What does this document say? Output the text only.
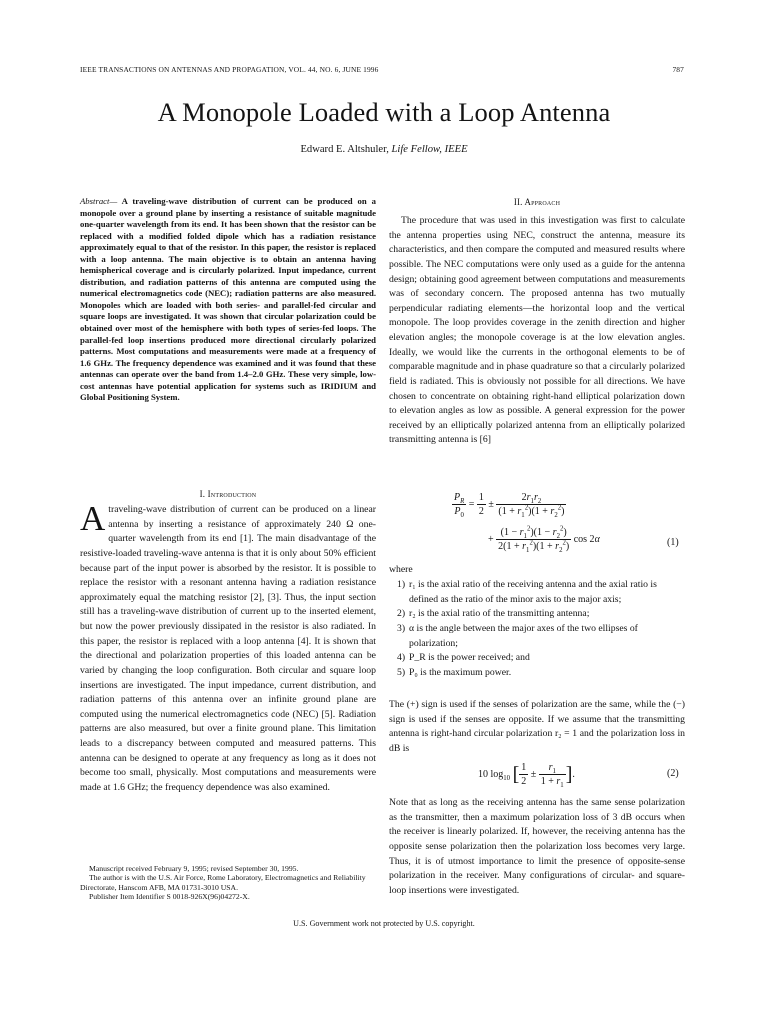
IEEE TRANSACTIONS ON ANTENNAS AND PROPAGATION, VOL. 44, NO. 6, JUNE 1996	787
A Monopole Loaded with a Loop Antenna
Edward E. Altshuler, Life Fellow, IEEE
Abstract— A traveling-wave distribution of current can be produced on a monopole over a ground plane by inserting a resistance of suitable magnitude one-quarter wavelength from its end. It has been shown that the resistor can be replaced with a modified folded dipole which has a radiation resistance approximately equal to that of the resistor. In this paper, the resistor is replaced with a loop antenna. The main objective is to obtain an antenna having hemispherical coverage and is circularly polarized. Input impedance, current distribution, and radiation patterns of this antenna are computed using the numerical electromagnetics code (NEC); radiation patterns are also measured. Monopoles which are loaded with both series- and parallel-fed circular and square loops are investigated. It was shown that circular polarization could be obtained over most of the hemisphere with both types of series-fed loops. The parallel-fed loop insertions produced more directional circularly polarized patterns. Most computations and measurements were made at a frequency of 1.6 GHz. The frequency dependence was examined and it was found that these antennas can operate over the band from 1.4–2.0 GHz. These very simple, low-cost antennas have potential application for systems such as IRIDIUM and Global Positioning System.
I. Introduction
Atraveling-wave distribution of current can be produced on a linear antenna by inserting a resistance of approximately 240 Ω one-quarter wavelength from its end [1]. The main disadvantage of the resistive-loaded traveling-wave antenna is that it is only about 50% efficient because part of the input power is absorbed by the resistor. It is possible to replace the resistor with a resonant antenna having a radiation resistance approximately equal the matching resistor [2], [3]. Thus, the input section still has a traveling-wave distribution of current up to the inserted element, but now the power previously dissipated in the resistor is also radiated. In this paper, the resistor is replaced with a loop antenna [4]. It is shown that the directional and polarization properties of this loaded antenna can be varied by changing the loop configuration. Both circular and square loop insertions are investigated. The input impedance, current distribution, and radiation patterns of this antenna over an infinite ground plane are computed using the numerical electromagnetics code (NEC) [5]. Radiation patterns are also measured, but over a finite ground plane. This limitation leads to a discrepancy between computed and measured patterns. This antenna can be designed to operate at any frequency as long as it does not become too small, physically. Most computations and measurements were made at 1.6 GHz; the frequency dependence was also examined.

Manuscript received February 9, 1995; revised September 30, 1995.

The author is with the U.S. Air Force, Rome Laboratory, Electromagnetics and Reliability Directorate, Hanscom AFB, MA 01731-3010 USA.

Publisher Item Identifier S 0018-926X(96)04272-X.

II. Approach
The procedure that was used in this investigation was first to calculate the antenna properties using NEC, construct the antenna, measure its characteristics, and then compare the computed and measured results where possible. The NEC computations were only used as a guide for the antenna design; obtaining good agreement between computations and measurements was of secondary concern. The proposed antenna has two mutually perpendicular radiating elements—the horizontal loop and the vertical monopole. The loop provides coverage in the zenith direction and higher elevation angles; the monopole coverage is at the low elevation angles. Ideally, we would like the currents in the orthogonal elements to be of comparable magnitude and in phase quadrature so that a circularly polarized field is radiated. This is obviously not possible for all directions. We have chosen to concentrate on obtaining right-hand elliptical polarization down to elevation angles as low as possible. A general expression for the power received by an elliptically polarized antenna from an elliptically polarized transmitting antenna is [6]
$\frac{P_R}{P_0} = \frac{1}{2} \pm \frac{2r_1r_2}{(1 + r_1^2)(1 + r_2^2)}$
+ $\frac{(1 - r_1^2)(1 - r_2^2)}{2(1 + r_1^2)(1 + r_2^2)}$ cos 2α	(1)
where
1) r₁ is the axial ratio of the receiving antenna and the axial ratio is defined as the ratio of the minor axis to the major axis;
2) r₂ is the axial ratio of the transmitting antenna;
3) α is the angle between the major axes of the two ellipses of polarization;
4) P_R is the power received; and
5) P₀ is the maximum power.
The (+) sign is used if the senses of polarization are the same, while the (−) sign is used if the senses are opposite. If we assume that the transmitting antenna is right-hand circular polarization r₂ = 1 and the polarization loss in dB is
10 $\log_{10}$ [ $\frac{1}{2} \pm \frac{r_1}{1 + r_1}$ ].	(2)
Note that as long as the receiving antenna has the same sense polarization as the transmitter, then a maximum polarization loss of 3 dB occurs when the receiver is linearly polarized. If, however, the receiving antenna has the opposite sense polarization then the polarization loss becomes very large. Thus, it is of utmost importance to limit the presence of opposite-sense polarization in the receiver. Many configurations of circular- and square-loop insertions were investigated.
U.S. Government work not protected by U.S. copyright.
